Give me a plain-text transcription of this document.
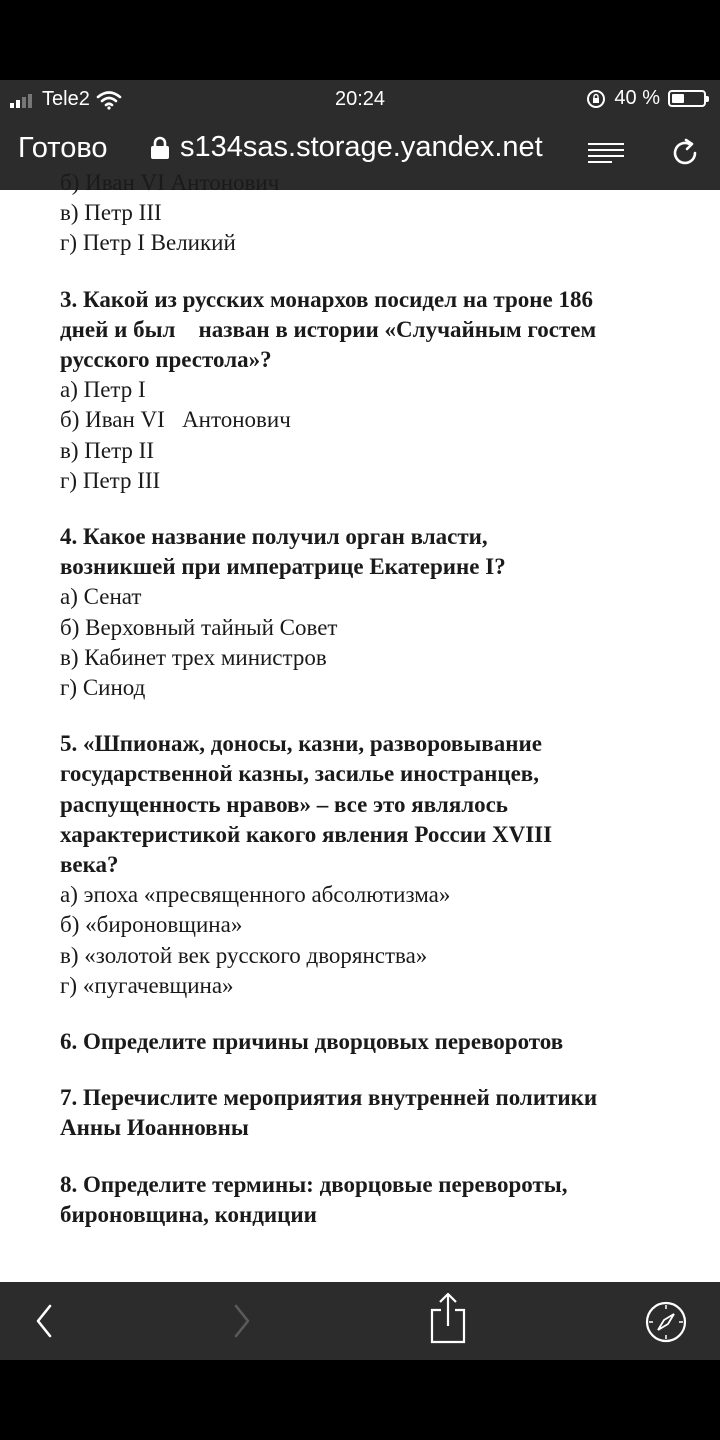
Tele2	20:24	40 %
Готово s134sas.storage.yandex.net
б) Иван VI Антонович
в) Петр III
г) Петр I Великий
3. Какой из русских монархов посидел на троне 186
дней и был    назван в истории «Случайным гостем
русского престола»?
а) Петр I
б) Иван VI   Антонович
в) Петр II
г) Петр III
4. Какое название получил орган власти,
возникшей при императрице Екатерине I?
а) Сенат
б) Верховный тайный Совет
в) Кабинет трех министров
г) Синод
5. «Шпионаж, доносы, казни, разворовывание
государственной казны, засилье иностранцев,
распущенность нравов» – все это являлось
характеристикой какого явления России XVIII
века?
а) эпоха «пресвященного абсолютизма»
б) «бироновщина»
в) «золотой век русского дворянства»
г) «пугачевщина»
6. Определите причины дворцовых переворотов
7. Перечислите мероприятия внутренней политики
Анны Иоанновны
8. Определите термины: дворцовые перевороты,
бироновщина, кондиции
